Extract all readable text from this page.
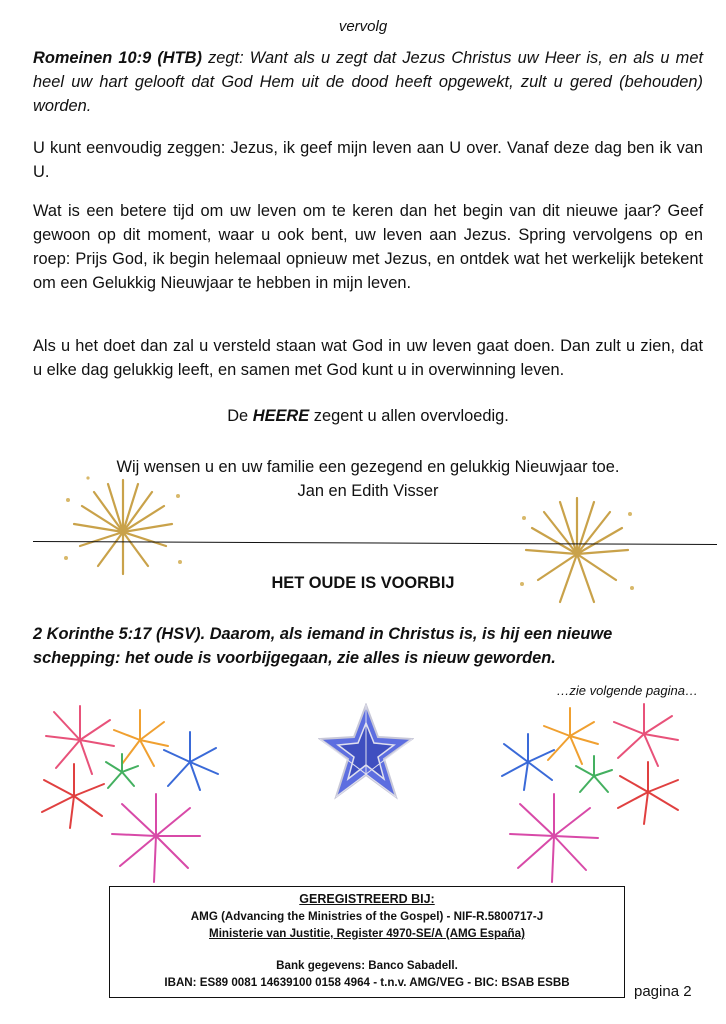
vervolg

Romeinen 10:9 (HTB) zegt: Want als u zegt dat Jezus Christus uw Heer is, en als u met heel uw hart gelooft dat God Hem uit de dood heeft opgewekt, zult u gered (behouden) worden.

U kunt eenvoudig zeggen: Jezus, ik geef mijn leven aan U over. Vanaf deze dag ben ik van U.

Wat is een betere tijd om uw leven om te keren dan het begin van dit nieuwe jaar? Geef gewoon op dit moment, waar u ook bent, uw leven aan Jezus. Spring vervolgens op en roep: Prijs God, ik begin helemaal opnieuw met Jezus, en ontdek wat het werkelijk betekent om een Gelukkig Nieuwjaar te hebben in mijn leven.

Als u het doet dan zal u versteld staan wat God in uw leven gaat doen. Dan zult u zien, dat u elke dag gelukkig leeft, en samen met God kunt u in overwinning leven.

De HEERE zegent u allen overvloedig.
Wij wensen u en uw familie een gezegend en gelukkig Nieuwjaar toe.
Jan en Edith Visser
HET OUDE IS VOORBIJ

2 Korinthe 5:17 (HSV). Daarom, als iemand in Christus is, is hij een nieuwe schepping: het oude is voorbijgegaan, zie alles is nieuw geworden.

…zie volgende pagina…
GEREGISTREERD BIJ:
AMG (Advancing the Ministries of the Gospel) - NIF-R.5800717-J
Ministerie van Justitie, Register 4970-SE/A (AMG España)
Bank gegevens: Banco Sabadell.
IBAN: ES89 0081 14639100 0158 4964 - t.n.v. AMG/VEG - BIC: BSAB ESBB
pagina 2
